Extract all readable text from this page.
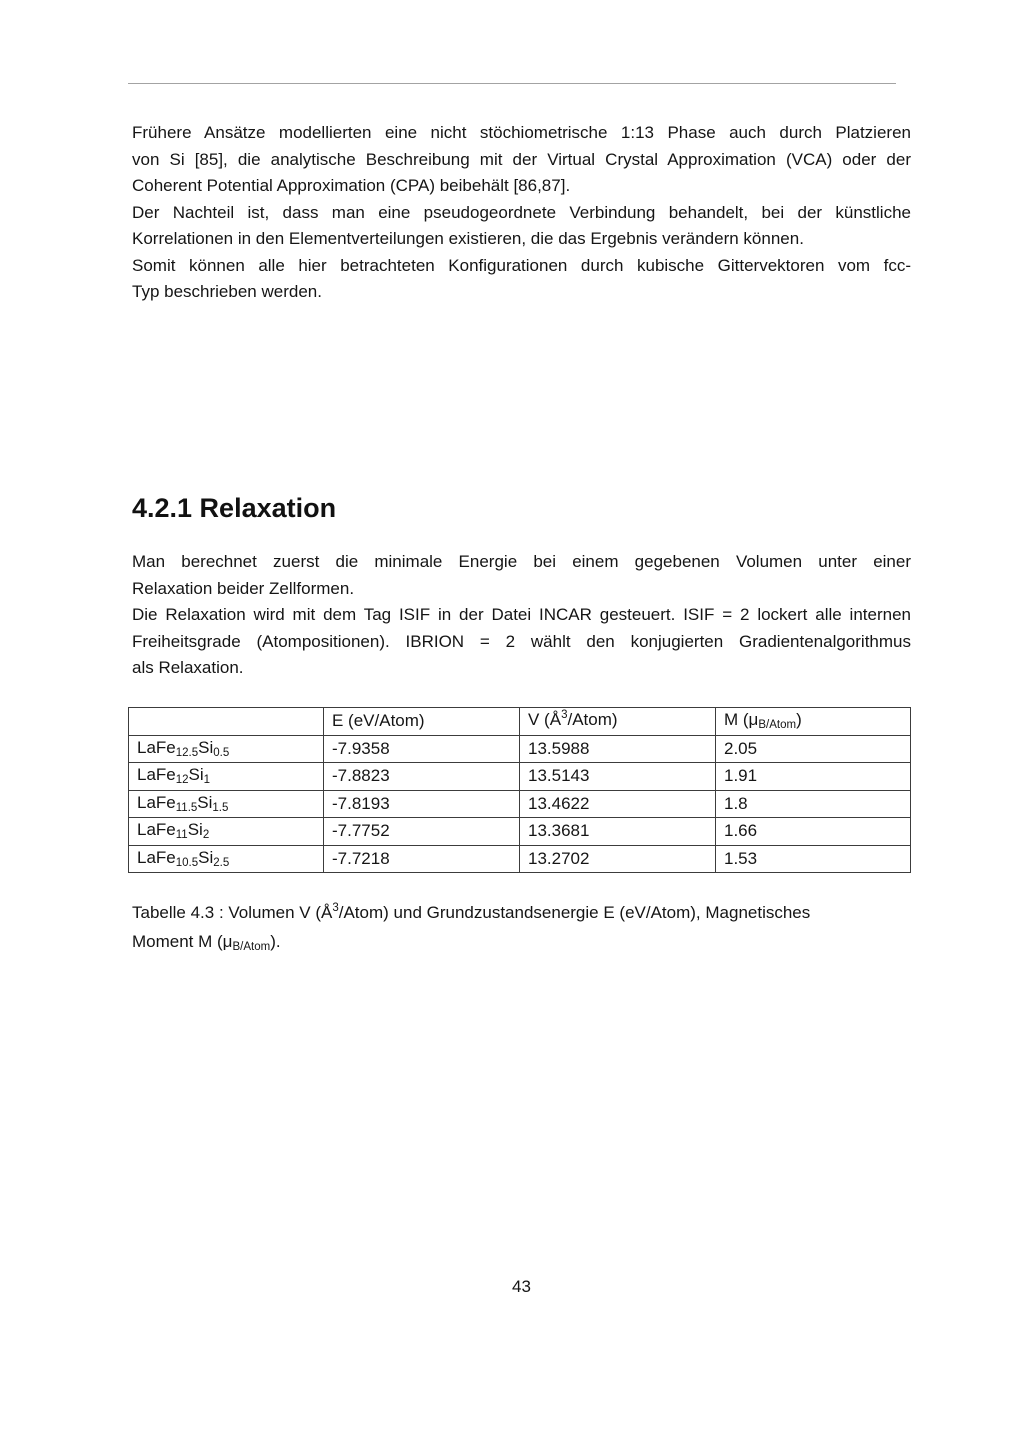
Frühere Ansätze modellierten eine nicht stöchiometrische 1:13 Phase auch durch Platzieren
von Si [85], die analytische Beschreibung mit der Virtual Crystal Approximation (VCA) oder der
Coherent Potential Approximation (CPA) beibehält [86,87].
Der Nachteil ist, dass man eine pseudogeordnete Verbindung behandelt, bei der künstliche
Korrelationen in den Elementverteilungen existieren, die das Ergebnis verändern können.
Somit können alle hier betrachteten Konfigurationen durch kubische Gittervektoren vom fcc-
Typ beschrieben werden.
4.2.1 Relaxation
Man berechnet zuerst die minimale Energie bei einem gegebenen Volumen unter einer
Relaxation beider Zellformen.
Die Relaxation wird mit dem Tag ISIF in der Datei INCAR gesteuert. ISIF = 2 lockert alle internen
Freiheitsgrade (Atompositionen). IBRION = 2 wählt den konjugierten Gradientenalgorithmus
als Relaxation.
	E (eV/Atom)	V $(Å^3/Atom)$	M (μB/Atom)
LaFe12.5Si0.5	-7.9358	13.5988	2.05
LaFe12Si1	-7.8823	13.5143	1.91
LaFe11.5Si1.5	-7.8193	13.4622	1.8
LaFe11Si2	-7.7752	13.3681	1.66
LaFe10.5Si2.5	-7.7218	13.2702	1.53
Tabelle 4.3 : Volumen V $(Å^3/Atom)$ und Grundzustandsenergie E (eV/Atom), Magnetisches
Moment M (μB/Atom).
43
